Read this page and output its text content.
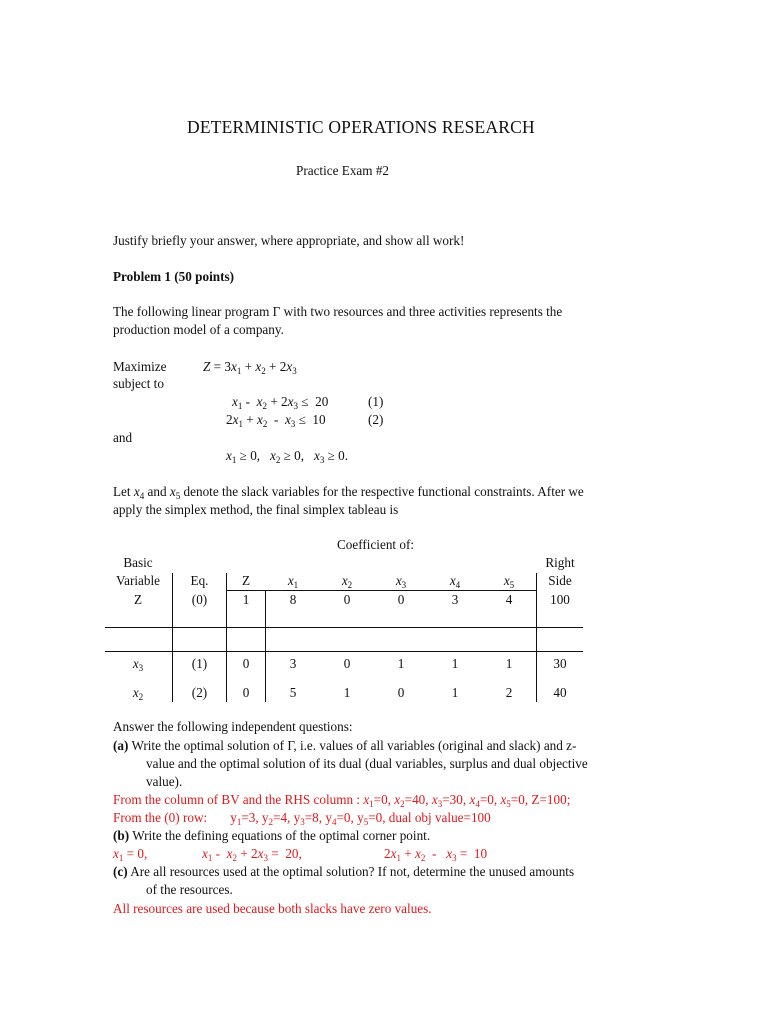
DETERMINISTIC OPERATIONS RESEARCH
Practice Exam #2
Justify briefly your answer, where appropriate, and show all work!
Problem 1 (50 points)
The following linear program Γ with two resources and three activities represents the
production model of a company.
Maximize	$Z = 3x_1 + x_2 + 2x_3$
subject to
$x_1 - x_2 + 2x_3 \le 20$	(1)
$2x_1 + x_2 - x_3 \le 10$	(2)
and
$x_1 \ge 0$,   $x_2 \ge 0$,   $x_3 \ge 0$.
Let $x_4$ and $x_5$ denote the slack variables for the respective functional constraints. After we
apply the simplex method, the final simplex tableau is
Coefficient of:
Basic
Variable	Eq.	Z	$x_1$	$x_2$	$x_3$	$x_4$	$x_5$
Right
Side
Z	(0)	1	8	0	0	3	4	100
$x_3$	(1)	0	3	0	1	1	1	30
$x_2$	(2)	0	5	1	0	1	2	40
Answer the following independent questions:
(a) Write the optimal solution of Γ, i.e. values of all variables (original and slack) and z-
value and the optimal solution of its dual (dual variables, surplus and dual objective
value).
From the column of BV and the RHS column : $x_1=0$, $x_2=40$, $x_3=30$, $x_4=0$, $x_5=0$, Z=100;
From the (0) row:       $y_1=3$, $y_2=4$, $y_3=8$, $y_4=0$, $y_5=0$, dual obj value=100
(b) Write the defining equations of the optimal corner point.
$x_1 = 0$,	$x_1 - x_2 + 2x_3 = 20$,	$2x_1 + x_2 - x_3 = 10$
(c) Are all resources used at the optimal solution? If not, determine the unused amounts
of the resources.
All resources are used because both slacks have zero values.
